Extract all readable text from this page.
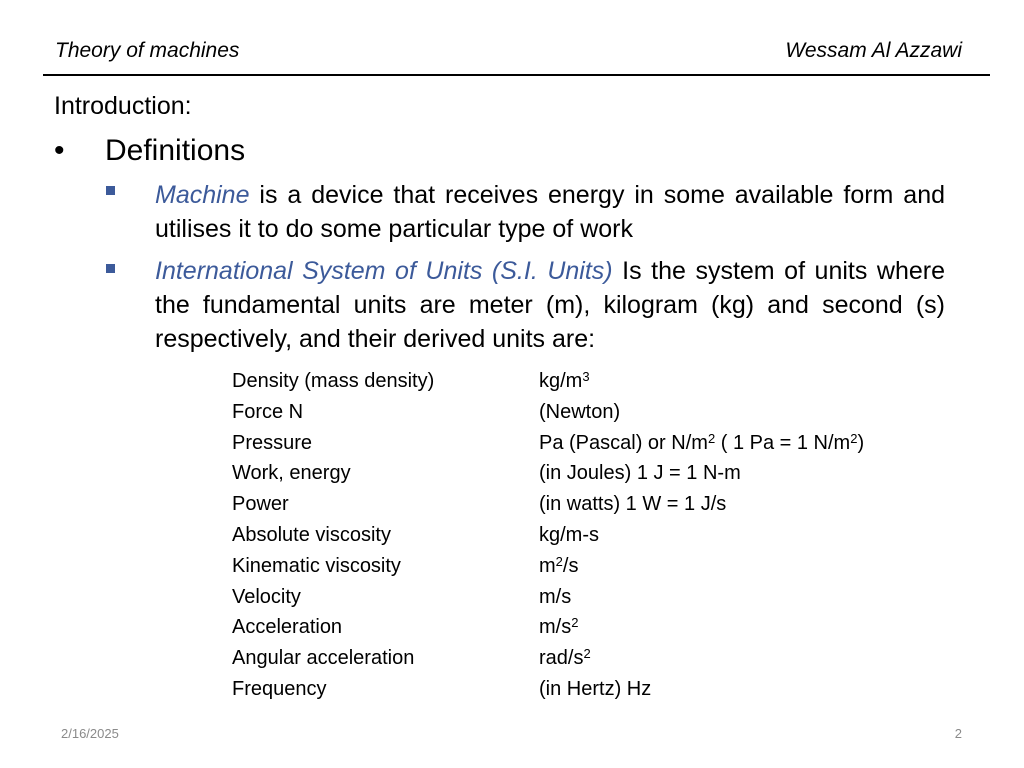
Theory of machines	Wessam Al Azzawi
Introduction:
• Definitions
Machine is a device that receives energy in some available form and utilises it to do some particular type of work
International System of Units (S.I. Units) Is the system of units where the fundamental units are meter (m), kilogram (kg) and second (s) respectively, and their derived units are:
Density (mass density)	$kg/m^3$
Force N	(Newton)
Pressure	Pa (Pascal) or $N/m^2$ ( 1 Pa = 1 $N/m^2$)
Work, energy	(in Joules) 1 J = 1 N-m
Power	(in watts) 1 W = 1 J/s
Absolute viscosity	kg/m-s
Kinematic viscosity	$m^2/s$
Velocity	m/s
Acceleration	$m/s^2$
Angular acceleration	rad/$s^2$
Frequency	(in Hertz) Hz
2/16/2025	2
